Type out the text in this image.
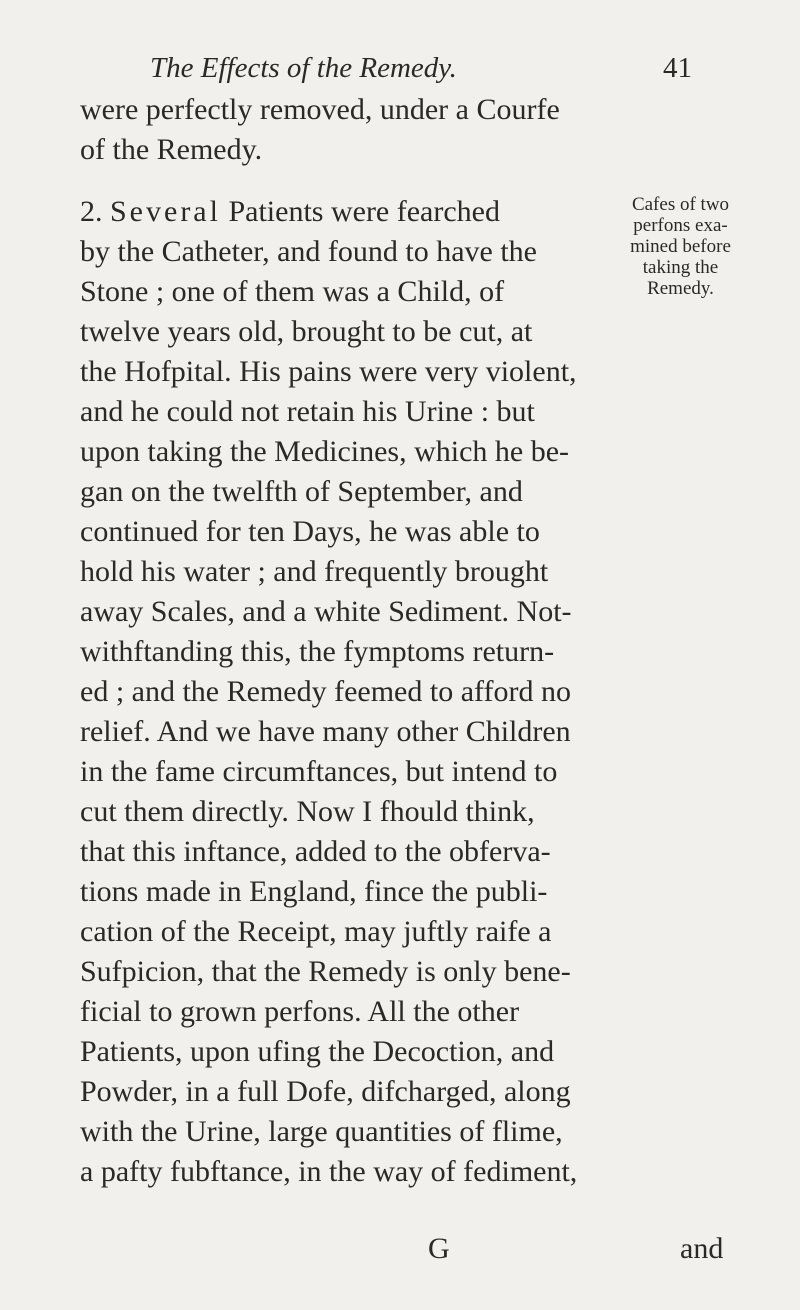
The Effects of the Remedy.	41
were perfectly removed, under a Courfe
of the Remedy.
2. Several Patients were fearched
by the Catheter, and found to have the
Stone ; one of them was a Child, of
twelve years old, brought to be cut, at
the Hofpital. His pains were very violent,
and he could not retain his Urine : but
upon taking the Medicines, which he be-
gan on the twelfth of September, and
continued for ten Days, he was able to
hold his water ; and frequently brought
away Scales, and a white Sediment. Not-
withftanding this, the fymptoms return-
ed ; and the Remedy feemed to afford no
relief. And we have many other Children
in the fame circumftances, but intend to
cut them directly. Now I fhould think,
that this inftance, added to the obferva-
tions made in England, fince the publi-
cation of the Receipt, may juftly raife a
Sufpicion, that the Remedy is only bene-
ficial to grown perfons. All the other
Patients, upon ufing the Decoction, and
Powder, in a full Dofe, difcharged, along
with the Urine, large quantities of flime,
a pafty fubftance, in the way of fediment,
Cafes of two
perfons exa-
mined before
taking the
Remedy.
G	and
